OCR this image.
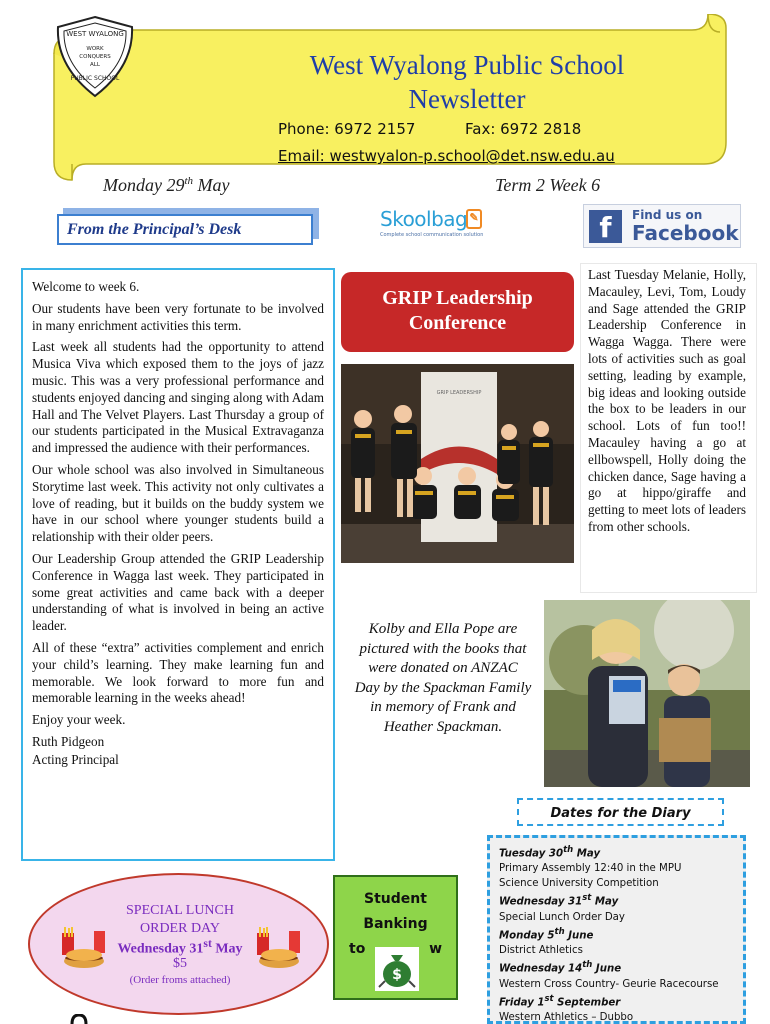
WEST WYALONG
WORK
CONQUERS
ALL
PUBLIC SCHOOL	West Wyalong Public School
Newsletter
Phone: 6972 2157	Fax: 6972 2818
Email: westwyalon-p.school@det.nsw.edu.au
Monday 29th May	Term 2 Week 6
From the Principal’s Desk	Skoolbag
Complete school communication solution
✎	f	Find us on
Facebook

Welcome to week 6.

Our students have been very fortunate to be involved in many enrichment activities this term.

Last week all students had the opportunity to attend Musica Viva which exposed them to the joys of jazz music. This was a very professional performance and students enjoyed dancing and singing along with Adam Hall and The Velvet Players. Last Thursday a group of our students participated in the Musical Extravaganza and impressed the audience with their performances.

Our whole school was also involved in Simultaneous Storytime last week. This activity not only cultivates a love of reading, but it builds on the buddy system we have in our school where younger students build a relationship with their older peers.

Our Leadership Group attended the GRIP Leadership Conference in Wagga last week. They participated in some great activities and came back with a deeper understanding of what is involved in being an active leader.

All of these “extra” activities complement and enrich your child’s learning. They make learning fun and memorable. We look forward to more fun and memorable learning in the weeks ahead!

Enjoy your week.

Ruth Pidgeon

Acting Principal

GRIP Leadership
Conference
GRIP LEADERSHIP

Last Tuesday Melanie, Holly, Macauley, Levi, Tom, Loudy and Sage attended the GRIP Leadership Conference in Wagga Wagga. There were lots of activities such as goal setting, leading by example, big ideas and looking outside the box to be leaders in our school. Lots of fun too!! Macauley having a go at ellbowspell, Holly doing the chicken dance, Sage having a go at hippo/giraffe and getting to meet lots of leaders from other schools.

Kolby and Ella Pope are pictured with the books that were donated on ANZAC Day by the Spackman Family in memory of Frank and Heather Spackman.
Dates for the Diary
Tuesday 30th May
Primary Assembly 12:40 in the MPU
Science University Competition
Wednesday 31st May
Special Lunch Order Day
Monday 5th June
District Athletics
Wednesday 14th June
Western Cross Country- Geurie Racecourse
Friday 1st September
Western Athletics – Dubbo
Student
Banking
to	w
$
SPECIAL LUNCH
ORDER DAY
Wednesday 31st May
$5
(Order froms attached)
